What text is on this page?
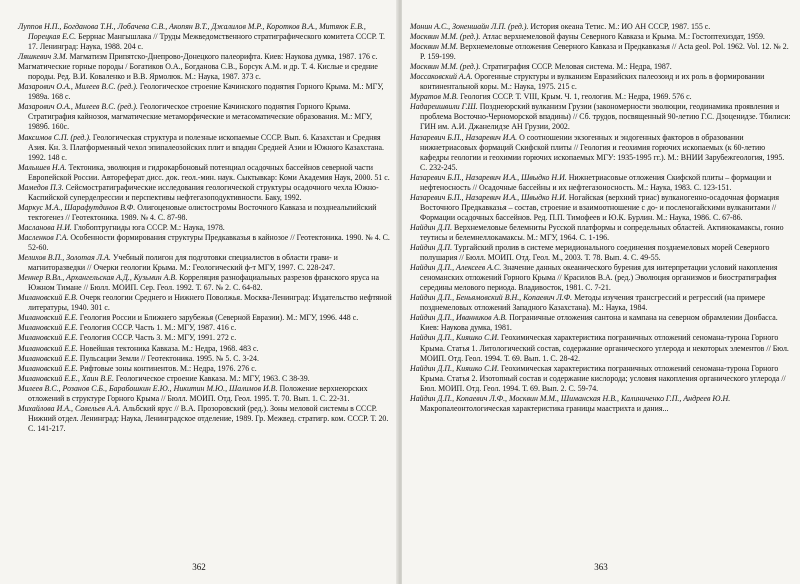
Луппов Н.П., Богданова Т.Н., Лобачева С.В., Акопян В.Т., Джалилов М.Р., Коротков В.А., Митяюк Е.В., Порецкая Е.С. Беррнас Мангышлака // Труды Межведомственного стратиграфического комитета СССР. Т. 17. Ленинград: Наука, 1988. 204 с.

Ляшкевич З.М. Магматизм Припятско-Днепрово-Донецкого палеорифта. Киев: Наукова думка, 1987. 176 с.

Магматические горные породы / Богатиков О.А., Богданова С.В., Борсук А.М. и др. Т. 4. Кислые и средние породы. Ред. В.И. Коваленко и В.В. Ярмолюк. М.: Наука, 1987. 373 с.

Мазарович О.А., Милеев В.С. (ред.). Геологическое строение Качинского поднятия Горного Крыма. М.: МГУ, 1989а. 168 с.

Мазарович О.А., Милеев В.С. (ред.). Геологическое строение Качинского поднятия Горного Крыма. Стратиграфия кайнозоя, магматические метаморфические и метасоматические образования. М.: МГУ, 1989б. 160с.

Максимов С.П. (ред.). Геологическая структура и полезные ископаемые СССР. Вып. 6. Казахстан и Средняя Азия. Кн. 3. Платформенный чехол эпипалеозойских плит и впадин Средней Азии и Южного Казахстана. 1992. 148 с.

Малышев Н.А. Тектоника, эволюция и гидрокарбоновый потенциал осадочных бассейнов северной части Европейской России. Автореферат дисс. док. геол.-мин. наук. Сыктывкар: Коми Академия Наук, 2000. 51 с.

Мамедов П.З. Сейсмостратиграфические исследования геологической структуры осадочного чехла Южно-Каспийской суперделрессии и перспективы нефтегазоподуктивности. Баку, 1992.

Маркус М.А., Шарафутдинов В.Ф. Олигоценовые олистостромы Восточного Кавказа и позднеальпийский тектогенез // Геотектоника. 1989. № 4. С. 87-98.

Масланова Н.И. Глобоптругниды юга СССР. М.: Наука, 1978.

Масленков Г.А. Особенности формирования структуры Предкавказья в кайнозое // Геотектоника. 1990. № 4. С. 52-60.

Мелихов В.П., Золотая Л.А. Учебный полигон для подготовки специалистов в области грави- и магниторазведки // Очерки геологии Крыма. М.: Геологический ф-т МГУ, 1997. С. 228-247.

Меннер В.Вл., Архангельская А.Д., Кузьмин А.В. Корреляция разнофациальных разрезов франского яруса на Южном Тимане // Бюлл. МОИП. Сер. Геол. 1992. Т. 67. № 2. С. 64-82.

Милановский Е.В. Очерк геологии Среднего и Нижнего Поволжья. Москва-Ленинград: Издательство нефтяной литературы, 1940. 301 с.

Милановский Е.Е. Геология России и Ближнего зарубежья (Северной Евразии). М.: МГУ, 1996. 448 с.

Милановский Е.Е. Геология СССР. Часть 1. М.: МГУ, 1987. 416 с.

Милановский Е.Е. Геология СССР. Часть 3. М.: МГУ, 1991. 272 с.

Милановский Е.Е. Новейшая тектоника Кавказа. М.: Недра, 1968. 483 с.

Милановский Е.Е. Пульсации Земли // Геотектоника. 1995. № 5. С. 3-24.

Милановский Е.Е. Рифтовые зоны континентов. М.: Недра, 1976. 276 с.

Милановский Е.Е., Хаин В.Е. Геологическое строение Кавказа. М.: МГУ, 1963. С 38-39.

Милеев В.С., Розанов С.Б., Барабошкин Е.Ю., Никитин М.Ю., Шалимов И.В. Положение верхнеюрских отложений в структуре Горного Крыма // Бюлл. МОИП. Отд. Геол. 1995. Т. 70. Вып. 1. С. 22-31.

Михайлова И.А., Савельев А.А. Альбский ярус // В.А. Прозоровский (ред.). Зоны меловой системы в СССР. Нижний отдел. Ленинград: Наука, Ленинградское отделение, 1989. Гр. Межвед. стратигр. ком. СССР. Т. 20. С. 141-217.

362

Монин А.С., Зоненшайн Л.П. (ред.). История океана Тетис. М.: ИО АН СССР, 1987. 155 с.

Москвин М.М. (ред.). Атлас верхнемеловой фауны Северного Кавказа и Крыма. М.: Гостоптехиздат, 1959.

Москвин М.М. Верхнемеловые отложения Северного Кавказа и Предкавказья // Acta geol. Pol. 1962. Vol. 12. № 2. P. 159-199.

Москвин М.М. (ред.). Стратиграфия СССР. Меловая система. М.: Недра, 1987.

Моссаковский А.А. Орогенные структуры и вулканизм Евразийских палеозоид и их роль в формировании континентальной коры. М.: Наука, 1975. 215 с.

Муратов М.В. Геология СССР. Т. VIII, Крым. Ч. 1, геология. М.: Недра, 1969. 576 с.

Надареишвили Г.Ш. Позднеюрский вулканизм Грузии (закономерности эволюции, геодинамика проявления и проблема Восточно-Черноморской впадины) // Сб. трудов, посвященный 90-летию Г.С. Дзоценидзе. Тбилиси: ГИН им. А.И. Джанелидзе АН Грузии, 2002.

Назаревич Б.П., Назаревич И.А. О соотношении экзогенных и эндогенных факторов в образовании нижнетриасовых формаций Скифской плиты // Геология и геохимия горючих ископаемых (к 60-летию кафедры геологии и геохимии горючих ископаемых МГУ: 1935-1995 гг.). М.: ВНИИ Зарубежгеология, 1995. С. 232-245.

Назаревич Б.П., Назаревич И.А., Швыдко Н.И. Нижнетриасовые отложения Скифской плиты – формации и нефтеносность // Осадочные бассейны и их нефтегазоносность. М.: Наука, 1983. С. 123-151.

Назаревич Б.П., Назаревич И.А., Швыдко Н.И. Ногайская (верхний триас) вулканогенно-осадочная формация Восточного Предкавказья – состав, строение и взаимоотношение с до- и посленогайскими вулканитами // Формации осадочных бассейнов. Ред. П.П. Тимофеев и Ю.К. Бурлин. М.: Наука, 1986. С. 67-86.

Найдин Д.П. Верхнемеловые белемниты Русской платформы и сопредельных областей. Актинокамаксы, гонио теутисы и белемнеллокамаксы. М.: МГУ, 1964. С. 1-196.

Найдин Д.П. Тургайский пролив в системе меридионального соединения позднемеловых морей Северного полушария // Бюлл. МОИП. Отд. Геол. М., 2003. Т. 78. Вып. 4. С. 49-55.

Найдин Д.П., Алексеев А.С. Значение данных океанического бурения для интерпретации условий накопления сеноманских отложений Горного Крыма // Красилов В.А. (ред.) Эволюция организмов и биостратиграфия середины мелового периода. Владивосток, 1981. С. 7-21.

Найдин Д.П., Беньямовский В.Н., Копаевич Л.Ф. Методы изучения трансгрессий и регрессий (на примере позднемеловых отложений Западного Казахстана). М.: Наука, 1984.

Найдин Д.П., Иванников А.В. Пограничные отложения сантона и кампана на северном обрамлении Донбасса. Киев: Наукова думка, 1981.

Найдин Д.П., Кияшко С.И. Геохимическая характеристика пограничных отложений сеномана-турона Горного Крыма. Статья 1. Литологический состав, содержание органического углерода и некоторых элементов // Бюл. МОИП. Отд. Геол. 1994. Т. 69. Вып. 1. С. 28-42.

Найдин Д.П., Кияшко С.И. Геохимическая характеристика пограничных отложений сеномана-турона Горного Крыма. Статья 2. Изотопный состав и содержание кислорода; условия накопления органического углерода // Бюл. МОИП. Отд. Геол. 1994. Т. 69. Вып. 2. С. 59-74.

Найдин Д.П., Копаевич Л.Ф., Москвин М.М., Шиманская Н.В., Калиниченко Г.П., Андреев Ю.Н. Макропалеонтологическая характеристика границы маастрихта и дания...

363
